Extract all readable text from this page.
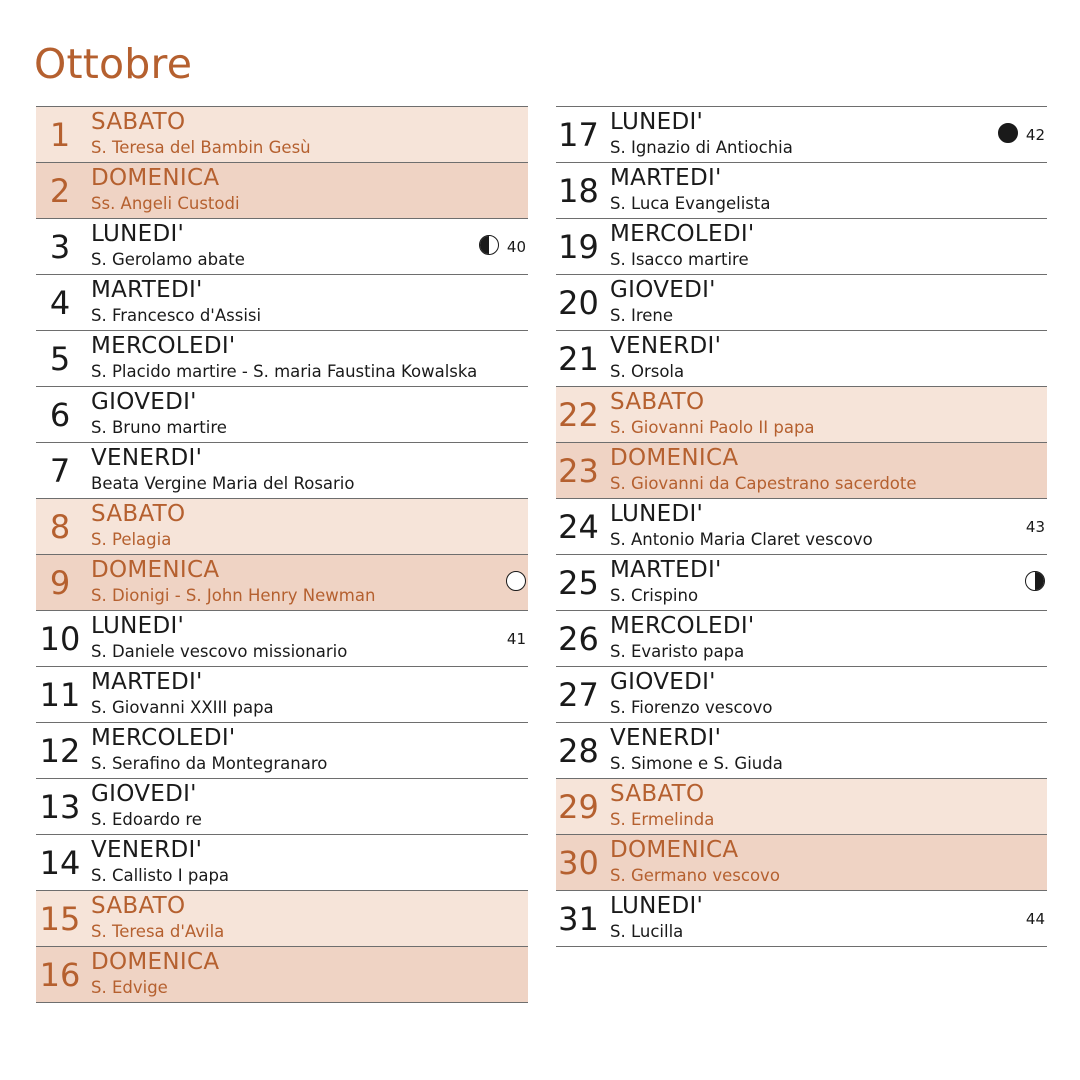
Ottobre
1 SABATO
S. Teresa del Bambin Gesù
2 DOMENICA
Ss. Angeli Custodi
3 LUNEDI'
S. Gerolamo abate
40
4 MARTEDI'
S. Francesco d'Assisi
5 MERCOLEDI'
S. Placido martire - S. maria Faustina Kowalska
6 GIOVEDI'
S. Bruno martire
7 VENERDI'
Beata Vergine Maria del Rosario
8 SABATO
S. Pelagia
9 DOMENICA
S. Dionigi - S. John Henry Newman
10 LUNEDI'
S. Daniele vescovo missionario
41
11 MARTEDI'
S. Giovanni XXIII papa
12 MERCOLEDI'
S. Serafino da Montegranaro
13 GIOVEDI'
S. Edoardo re
14 VENERDI'
S. Callisto I papa
15 SABATO
S. Teresa d'Avila
16 DOMENICA
S. Edvige
17 LUNEDI'
S. Ignazio di Antiochia
42
18 MARTEDI'
S. Luca Evangelista
19 MERCOLEDI'
S. Isacco martire
20 GIOVEDI'
S. Irene
21 VENERDI'
S. Orsola
22 SABATO
S. Giovanni Paolo II papa
23 DOMENICA
S. Giovanni da Capestrano sacerdote
24 LUNEDI'
S. Antonio Maria Claret vescovo
43
25 MARTEDI'
S. Crispino
26 MERCOLEDI'
S. Evaristo papa
27 GIOVEDI'
S. Fiorenzo vescovo
28 VENERDI'
S. Simone e S. Giuda
29 SABATO
S. Ermelinda
30 DOMENICA
S. Germano vescovo
31 LUNEDI'
S. Lucilla
44
